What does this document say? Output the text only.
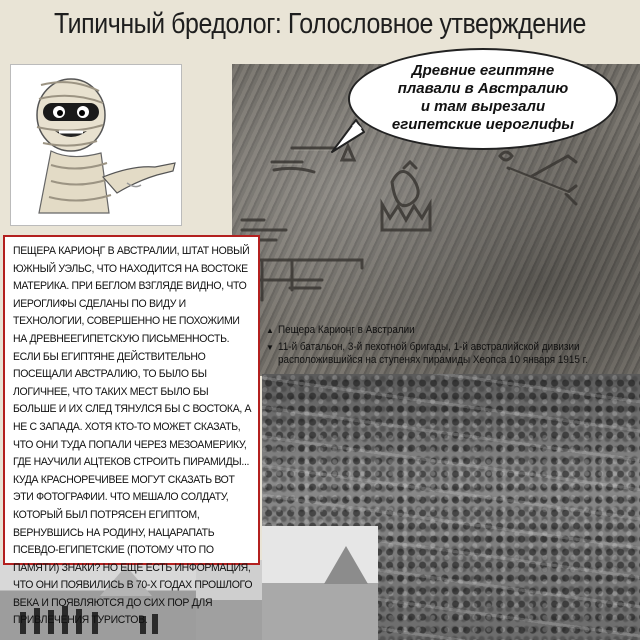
Типичный бредолог: Голословное утверждение
Древние египтяне
плавали в Австралию
и там вырезали
египетские иероглифы

ПЕЩЕРА КАРИОҢГ В АВСТРАЛИИ, ШТАТ НОВЫЙ ЮЖНЫЙ УЭЛЬС, ЧТО НАХОДИТСЯ НА ВОСТОКЕ МАТЕРИКА. ПРИ БЕГЛОМ ВЗГЛЯДЕ ВИДНО, ЧТО ИЕРОГЛИФЫ СДЕЛАНЫ ПО ВИДУ И ТЕХНОЛОГИИ, СОВЕРШЕННО НЕ ПОХОЖИМИ НА ДРЕВНЕЕГИПЕТСКУЮ ПИСЬМЕННОСТЬ. ЕСЛИ БЫ ЕГИПТЯНЕ ДЕЙСТВИТЕЛЬНО ПОСЕЩАЛИ АВСТРАЛИЮ, ТО БЫЛО БЫ ЛОГИЧНЕЕ, ЧТО ТАКИХ МЕСТ БЫЛО БЫ БОЛЬШЕ И ИХ СЛЕД ТЯНУЛСЯ БЫ С ВОСТОКА, А НЕ С ЗАПАДА. ХОТЯ КТО-ТО МОЖЕТ СКАЗАТЬ, ЧТО ОНИ ТУДА ПОПАЛИ ЧЕРЕЗ МЕЗОАМЕРИКУ, ГДЕ НАУЧИЛИ АЦТЕКОВ СТРОИТЬ ПИРАМИДЫ... КУДА КРАСНОРЕЧИВЕЕ МОГУТ СКАЗАТЬ ВОТ ЭТИ ФОТОГРАФИИ. ЧТО МЕШАЛО СОЛДАТУ, КОТОРЫЙ БЫЛ ПОТРЯСЕН ЕГИПТОМ, ВЕРНУВШИСЬ НА РОДИНУ, НАЦАРАПАТЬ ПСЕВДО-ЕГИПЕТСКИЕ (ПОТОМУ ЧТО ПО ПАМЯТИ) ЗНАКИ? НО ЕЩЕ ЕСТЬ ИНФОРМАЦИЯ, ЧТО ОНИ ПОЯВИЛИСЬ В 70-Х ГОДАХ ПРОШЛОГО ВЕКА И ПОЯВЛЯЮТСЯ ДО СИХ ПОР ДЛЯ ПРИВЛЕЧЕНИЯ ТУРИСТОВ.

▲ Пещера Кариоңг в Австралии
▼ 11-й батальон, 3-й пехотной бригады, 1-й австралийской дивизии расположившийся на ступенях пирамиды Хеопса 10 января 1915 г.
